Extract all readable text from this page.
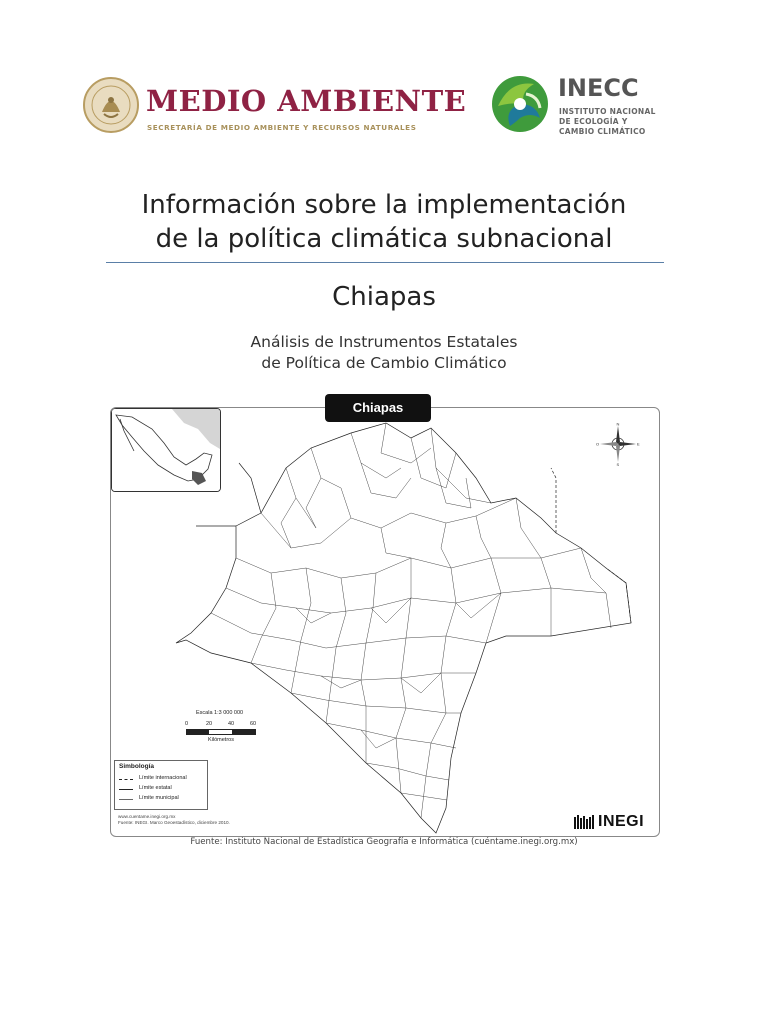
MEDIO AMBIENTE
SECRETARÍA DE MEDIO AMBIENTE Y RECURSOS NATURALES
INECC
INSTITUTO NACIONAL
DE ECOLOGÍA Y
CAMBIO CLIMÁTICO
Información sobre la implementación
de la política climática subnacional
Chiapas
Análisis de Instrumentos Estatales
de Política de Cambio Climático
Chiapas
N
S
E
O
Escala 1:3 000 000
0	20	40	60
Kilómetros
Simbología
Límite internacional
Límite estatal
Límite municipal
www.cuentame.inegi.org.mx
Fuente: INEGI. Marco Geoestadístico, diciembre 2010.	INEGI
Fuente: Instituto Nacional de Estadística Geografía e Informática (cuéntame.inegi.org.mx)
